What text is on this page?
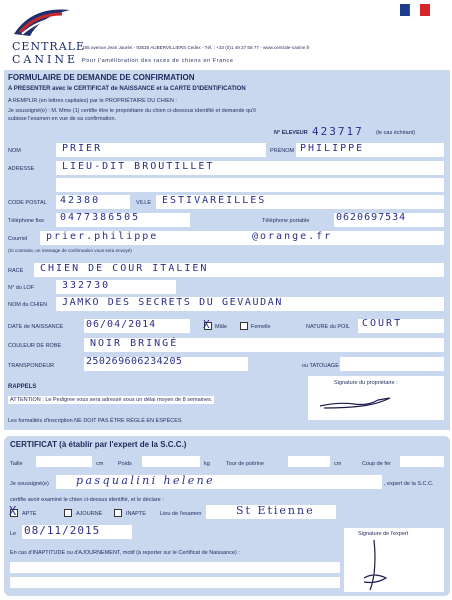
CENTRALE
CANINE
155 avenue Jean Jaurès - 93535 AUBERVILLIERS Cedex - Tél. : +33 (0)1 49 37 55 77 - www.centrale-canine.fr
Pour l'amélioration des races de chiens en France
FORMULAIRE DE DEMANDE DE CONFIRMATION
A PRESENTER avec le CERTIFICAT de NAISSANCE et la CARTE D'IDENTIFICATION
A REMPLIR (en lettres capitales) par le PROPRIÉTAIRE DU CHIEN :
Je soussigné(e) : M. Mme (1) certifie être le propriétaire du chien ci-dessous identifié et demande qu'il
subisse l'examen en vue de sa confirmation.
N° ELEVEUR 423717 (le cas échéant)
NOM	PRIER	PRÉNOM PHILIPPE
ADRESSE	LIEU-DIT BROUTILLET
CODE POSTAL 42380	VILLE ESTIVAREILLES
Téléphone fixe 0477386505	Téléphone portable	0620697534
Courriel prier.philippe	@orange.fr
(Si contraire, un message de confirmation vous sera envoyé)
RACE CHIEN DE COUR ITALIEN
N° du LOF	332730
NOM du CHIEN JAMKO DES SECRETS DU GEVAUDAN
DATE de NAISSANCE 06/04/2014	X Mâle	Femelle	NATURE du POIL COURT
COULEUR DE ROBE	NOIR BRINGÉ
TRANSPONDEUR	250269606234205	ou TATOUAGE
Signature du propriétaire :
RAPPELS
ATTENTION : Le Pedigree vous sera adressé sous un délai moyen de 8 semaines.
Les formalités d'inscription NE DOIT PAS ÊTRE RÉGLÉ EN ESPÈCES
CERTIFICAT (à établir par l'expert de la S.C.C.)
Taille	cm	Poids	kg	Tour de poitrine	cm	Coup de fer
Je soussigné(e) pasqualini helene	, expert de la S.C.C.
certifie avoir examiné le chien ci-dessus identifié, et le déclare :
X APTE	AJOURNÉ	INAPTE	Lieu de l'examen	St Etienne
Le 08/11/2015	Signature de l'expert
En cas d'INAPTITUDE ou d'AJOURNEMENT, motif (à reporter sur le Certificat de Naissance) :
